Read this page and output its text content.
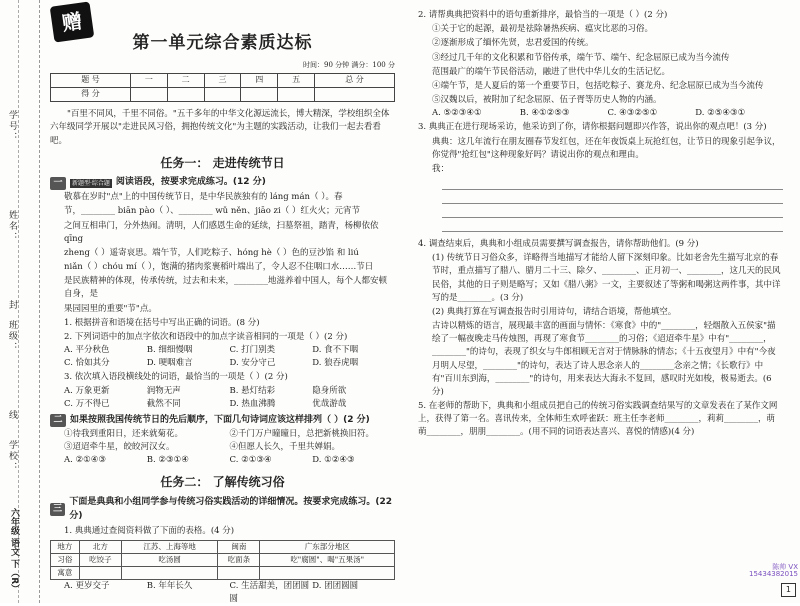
学号：
姓名：
封
班级：
线
学校：
六年级 语文 下（R）
赠
第一单元综合素质达标
时间：90 分钟 满分：100 分
题 号	一	二	三	四	五	总 分
得 分						

"百里不同风，千里不同俗。"五千多年的中华文化源远流长，博大精深，学校组织全体六年级同学开展以"走进民风习俗，拥抱传统文化"为主题的实践活动，让我们一起去看看吧。

任务一： 走进传统节日
一	新题型·综合题 阅读语段，按要求完成练习。(12 分)
敬慕在岁时"点"上的中国传统节日，是中华民族独有的 láng mán（ ）。春
节，________ biān pào（ ）、________ wǔ něn、jiāo zi（ ）红火火；元宵节
之间互相串门，分外热闹。清明，人们感恩生命的延续，扫墓祭祖，踏青，杨柳依依 qīng
zheng（ ）遥寄哀思。端午节，人们吃粽子、hóng hè（ ）色的豆沙馅 和 liú
niǎn（ ）chóu mí（ ），饱满的猪肉浆裹稻叶端出了，令人忍不住咽口水……节日
是民族精神的体现，传承传统，过去和未来，________地滋养着中国人，每个人都安顿自身，是
果园园里的重要"节"点。
1. 根据拼音和语境在括号中写出正确的词语。(8 分)
2. 下列词语中的加点字依次和语段中的加点字读音相同的一项是（ ）(2 分)
A. 平分秋色	B. 细细慢咽	C. 打门别类	D. 食不下咽
C. 恰如其分	D. 哽咽难言	D. 安分守己	D. 狼吞虎咽
3. 依次填入语段横线处的词语，最恰当的一项是（ ）(2 分)
A. 万象更新	润物无声	B. 悬灯结彩	隐身所欲
C. 万不得已	截然不同	D. 热血沸腾	优哉游哉
二 如果按照我国传统节日的先后顺序，下面几句诗词应该这样排列（ ）(2 分)
①待我到重阳日，还来就菊花。	②千门万户曈曈日，总把新桃换旧符。
③迢迢牵牛星，皎皎河汉女。	④但愿人长久，千里共婵娟。
A. ②①④③	B. ②③①④	C. ②①③④	D. ①②④③
任务二： 了解传统习俗
三
下面是典典和小组同学参与传统习俗实践活动的详细情况。按要求完成练习。(22 分)
1. 典典通过查阅资料做了下面的表格。(4 分)
地方	北方	江苏、上海等地	闽南	广东部分地区
习俗	吃饺子	吃汤圆	吃面条	吃"腐圆"、喝"五果汤"
寓意				
A. 更岁交子	B. 年年长久	C. 生活甜美，团团圆圆
D. 团团圆圆
2. 请帮典典把资料中的语句重新排序，最恰当的一项是（ ）(2 分)
①关于它的起源，最初是祛除暑热疾病、瘟灾比恶的习俗。
②逐渐形成了缅怀先贤，忠君爱国的传统。
③经过几千年的文化积累和节俗传承，端午节、端午、纪念屈原已成为当今流传
范围最广的端午节民俗活动，融进了世代中华儿女的生活记忆。
④端午节，是人夏后的第一个重要节日，包括吃粽子、赛龙舟、纪念屈原已成为当今流传
⑤汉魏以后，被附加了纪念屈原、伍子胥等历史人物的内涵。
A. ⑤②③④①	B. ④①②⑤③	C. ④③②⑤①	D. ②⑤④③①
3. 典典正在进行现场采访，他采访到了你，请你根据问题即兴作答，说出你的观点吧！(3 分)
典典：这几年流行在朋友圈春节发红包，还在年夜饭桌上玩抢红包，让节日的现象引起争议，你觉得"抢红包"这种现象好吗？请说出你的观点和理由。
我：
4. 调查结束后，典典和小组成员需要撰写调查报告，请你帮助他们。(9 分)
(1) 传统节日习俗众多，详略得当地描写才能给人留下深刻印象。比如老舍先生描写北京的春节时，重点描写了腊八、腊月二十三、除夕、________、正月初一、________，这几天的民风民俗，其他的日子则是略写；又如《腊八粥》一文，主要叙述了等粥和喝粥这两件事，其中详写的是________。(3 分)
(2) 典典打算在写调查报告时引用诗句，请结合语境，帮他填空。
古诗以精炼的语言，展现最丰富的画面与情怀：《寒食》中的"________，轻烟散入五侯家"描绘了一幅夜晚走马传烛图，再现了寒食节________的习俗；《迢迢牵牛星》中有"________，________"的诗句，表现了织女与牛郎相顾无言对于情脉脉的情态；《十五夜望月》中有"今夜月明人尽望，________"的诗句，表达了诗人思念亲人的________念亲之情；《长歌行》中有"百川东到海，________"的诗句，用来表达大海永不复回，感叹时光如梭，极易逝去。(6 分)
5. 在老师的帮助下，典典和小组成员把自己的传统习俗实践调查结果写的文章发表在了某作文网上，获得了第一名。喜讯传来，全体师生欢呼雀跃：班主任李老师________，莉莉________，萌萌________，朋朋________。(用不同的词语表达喜兴、喜悦的情感)(4 分)
陈帅 VX
15434382015
1
